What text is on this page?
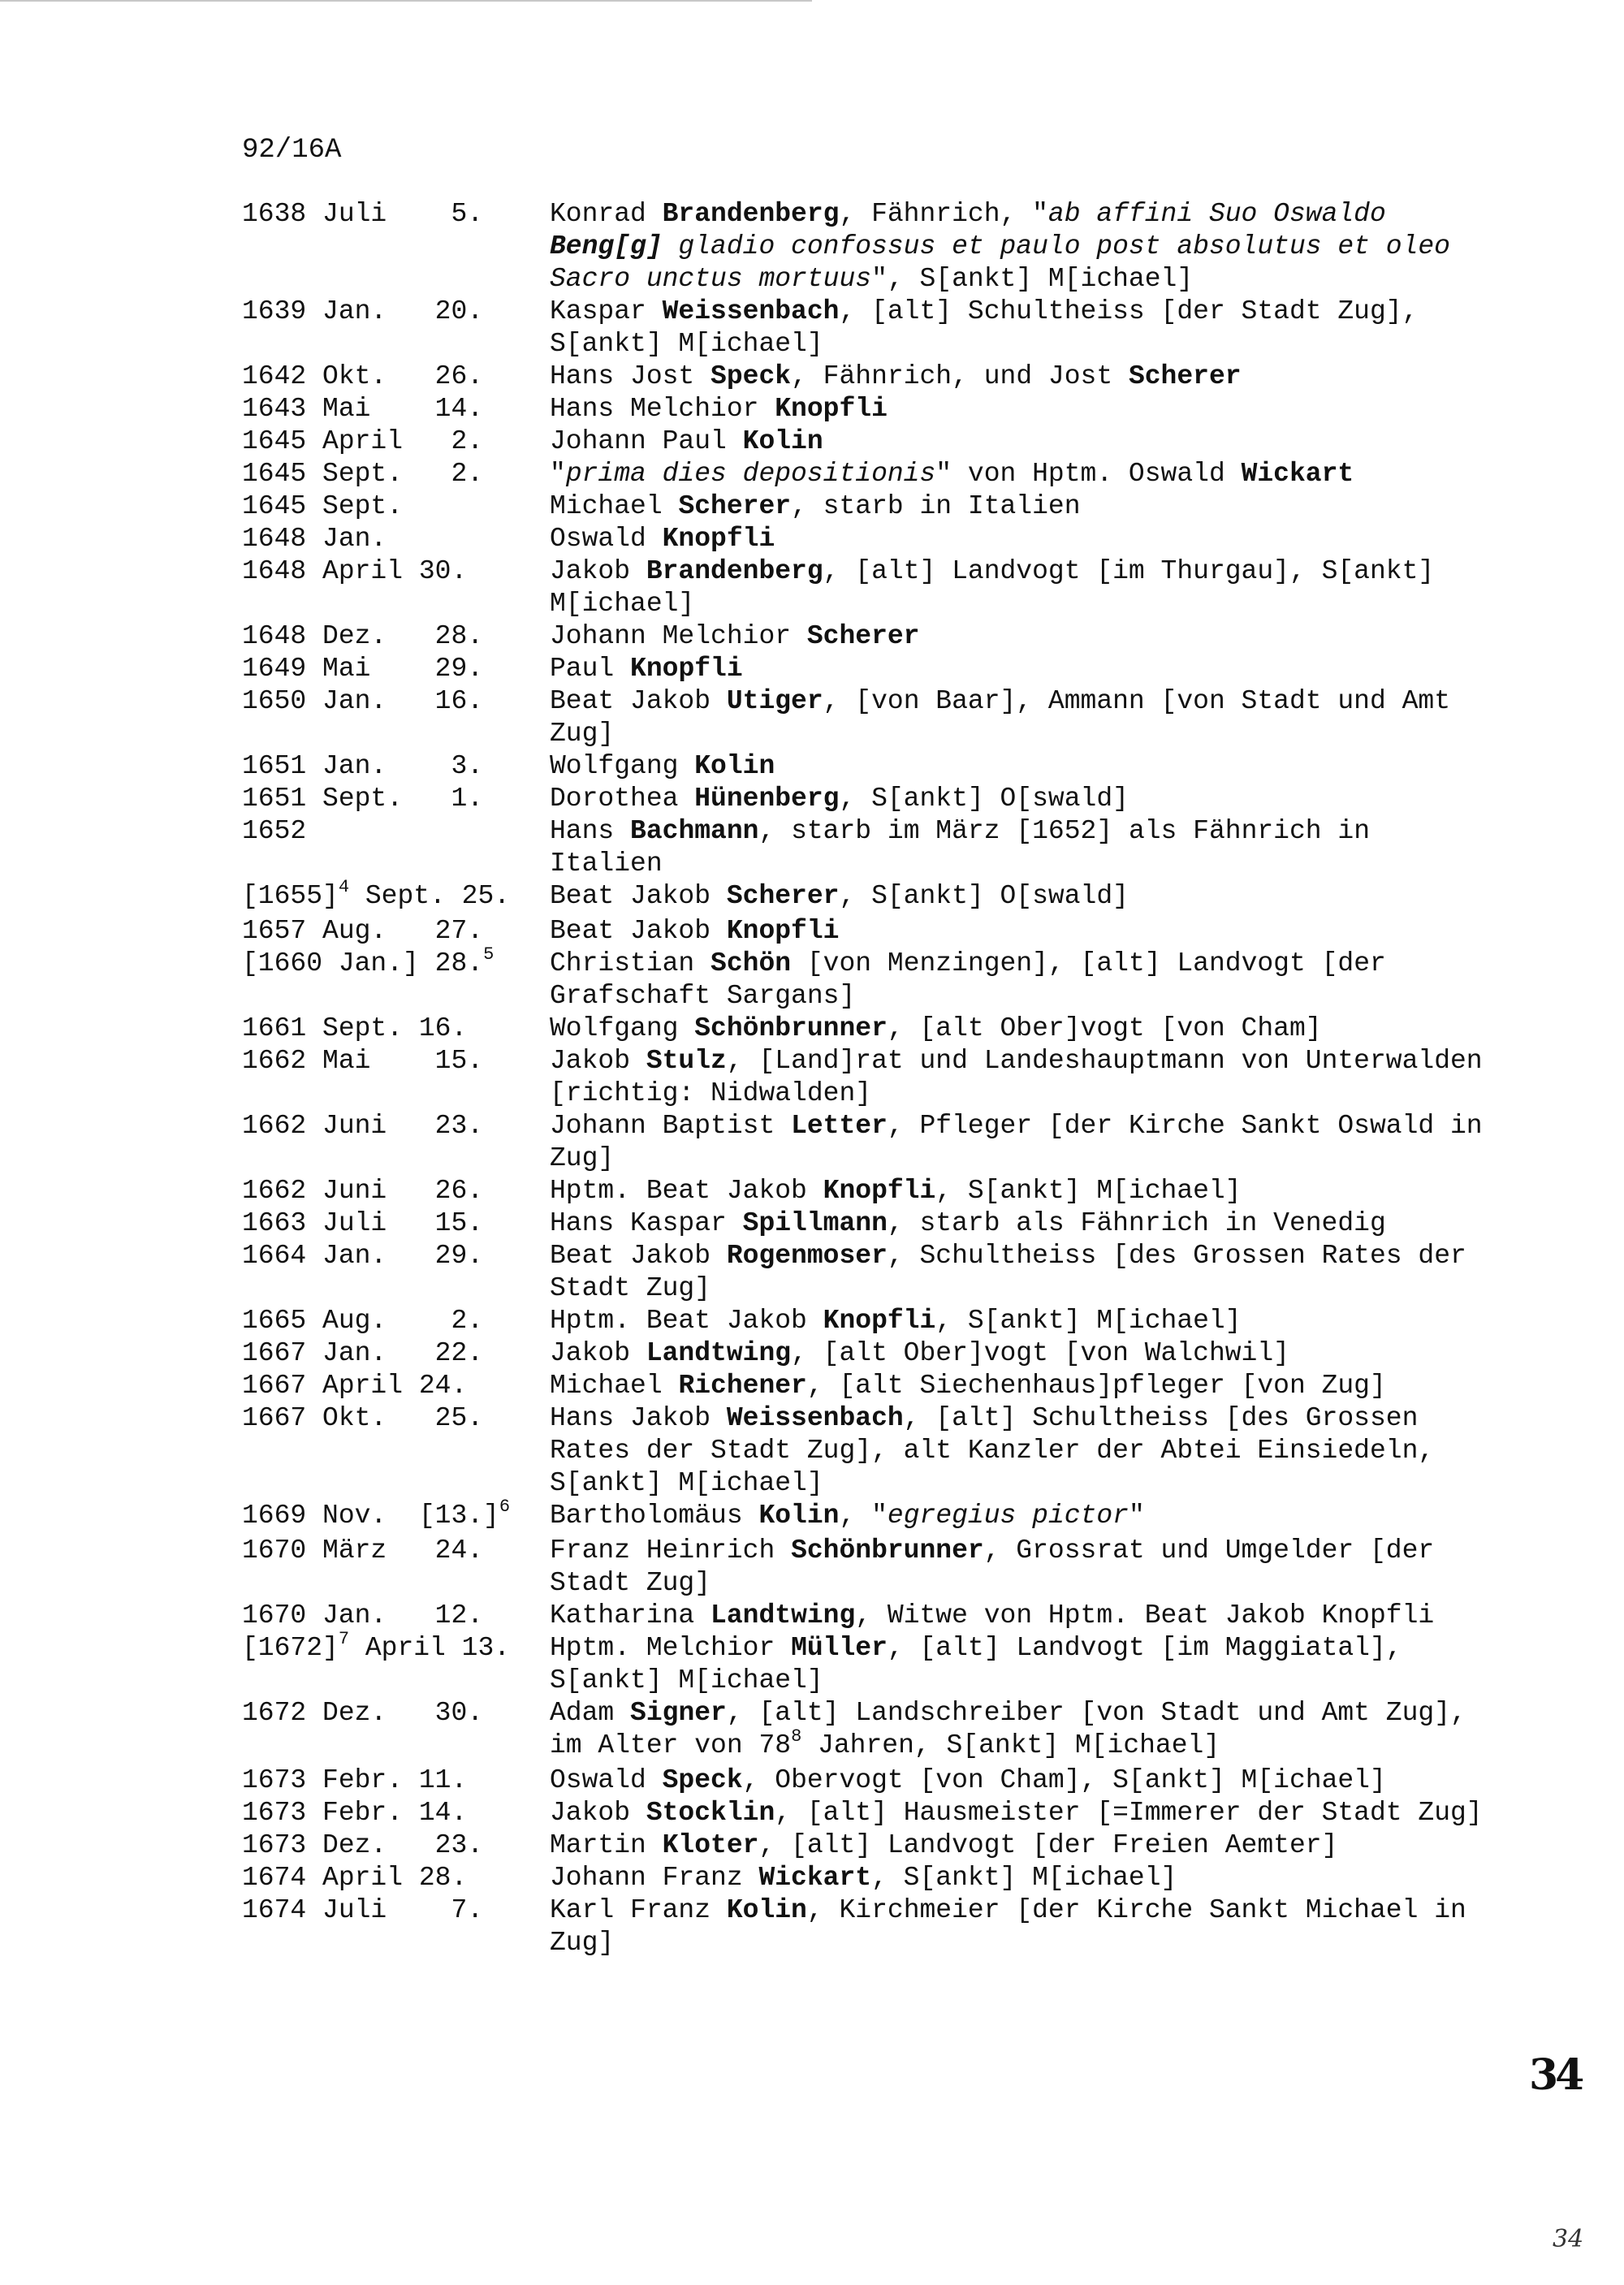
92/16A
1638 Juli    5.	Konrad Brandenberg, Fähnrich, "ab affini Suo Oswaldo Beng[g] gladio confossus et paulo post absolutus et oleo Sacro unctus mortuus", S[ankt] M[ichael]
1639 Jan.   20.	Kaspar Weissenbach, [alt] Schultheiss [der Stadt Zug], S[ankt] M[ichael]
1642 Okt.   26.	Hans Jost Speck, Fähnrich, und Jost Scherer
1643 Mai    14.	Hans Melchior Knopfli
1645 April   2.	Johann Paul Kolin
1645 Sept.   2.	"prima dies depositionis" von Hptm. Oswald Wickart
1645 Sept.	Michael Scherer, starb in Italien
1648 Jan.	Oswald Knopfli
1648 April 30.	Jakob Brandenberg, [alt] Landvogt [im Thurgau], S[ankt] M[ichael]
1648 Dez.   28.	Johann Melchior Scherer
1649 Mai    29.	Paul Knopfli
1650 Jan.   16.	Beat Jakob Utiger, [von Baar], Ammann [von Stadt und Amt Zug]
1651 Jan.    3.	Wolfgang Kolin
1651 Sept.   1.	Dorothea Hünenberg, S[ankt] O[swald]
1652	Hans Bachmann, starb im März [1652] als Fähnrich in Italien
$[1655]^4$ Sept. 25.	Beat Jakob Scherer, S[ankt] O[swald]
1657 Aug.   27.	Beat Jakob Knopfli
[1660 Jan.] 28.$^5$	Christian Schön [von Menzingen], [alt] Landvogt [der Grafschaft Sargans]
1661 Sept. 16.	Wolfgang Schönbrunner, [alt Ober]vogt [von Cham]
1662 Mai    15.	Jakob Stulz, [Land]rat und Landeshauptmann von Unterwalden [richtig: Nidwalden]
1662 Juni   23.	Johann Baptist Letter, Pfleger [der Kirche Sankt Oswald in Zug]
1662 Juni   26.	Hptm. Beat Jakob Knopfli, S[ankt] M[ichael]
1663 Juli   15.	Hans Kaspar Spillmann, starb als Fähnrich in Venedig
1664 Jan.   29.	Beat Jakob Rogenmoser, Schultheiss [des Grossen Rates der Stadt Zug]
1665 Aug.    2.	Hptm. Beat Jakob Knopfli, S[ankt] M[ichael]
1667 Jan.   22.	Jakob Landtwing, [alt Ober]vogt [von Walchwil]
1667 April 24.	Michael Richener, [alt Siechenhaus]pfleger [von Zug]
1667 Okt.   25.	Hans Jakob Weissenbach, [alt] Schultheiss [des Grossen Rates der Stadt Zug], alt Kanzler der Abtei Einsiedeln, S[ankt] M[ichael]
1669 Nov.  $[13.]^6$	Bartholomäus Kolin, "egregius pictor"
1670 März   24.	Franz Heinrich Schönbrunner, Grossrat und Umgelder [der Stadt Zug]
1670 Jan.   12.	Katharina Landtwing, Witwe von Hptm. Beat Jakob Knopfli
$[1672]^7$ April 13.	Hptm. Melchior Müller, [alt] Landvogt [im Maggiatal], S[ankt] M[ichael]
1672 Dez.   30.	Adam Signer, [alt] Landschreiber [von Stadt und Amt Zug], im Alter von $78^8$ Jahren, S[ankt] M[ichael]
1673 Febr. 11.	Oswald Speck, Obervogt [von Cham], S[ankt] M[ichael]
1673 Febr. 14.	Jakob Stocklin, [alt] Hausmeister [=Immerer der Stadt Zug]
1673 Dez.   23.	Martin Kloter, [alt] Landvogt [der Freien Aemter]
1674 April 28.	Johann Franz Wickart, S[ankt] M[ichael]
1674 Juli    7.	Karl Franz Kolin, Kirchmeier [der Kirche Sankt Michael in Zug]
34
34
